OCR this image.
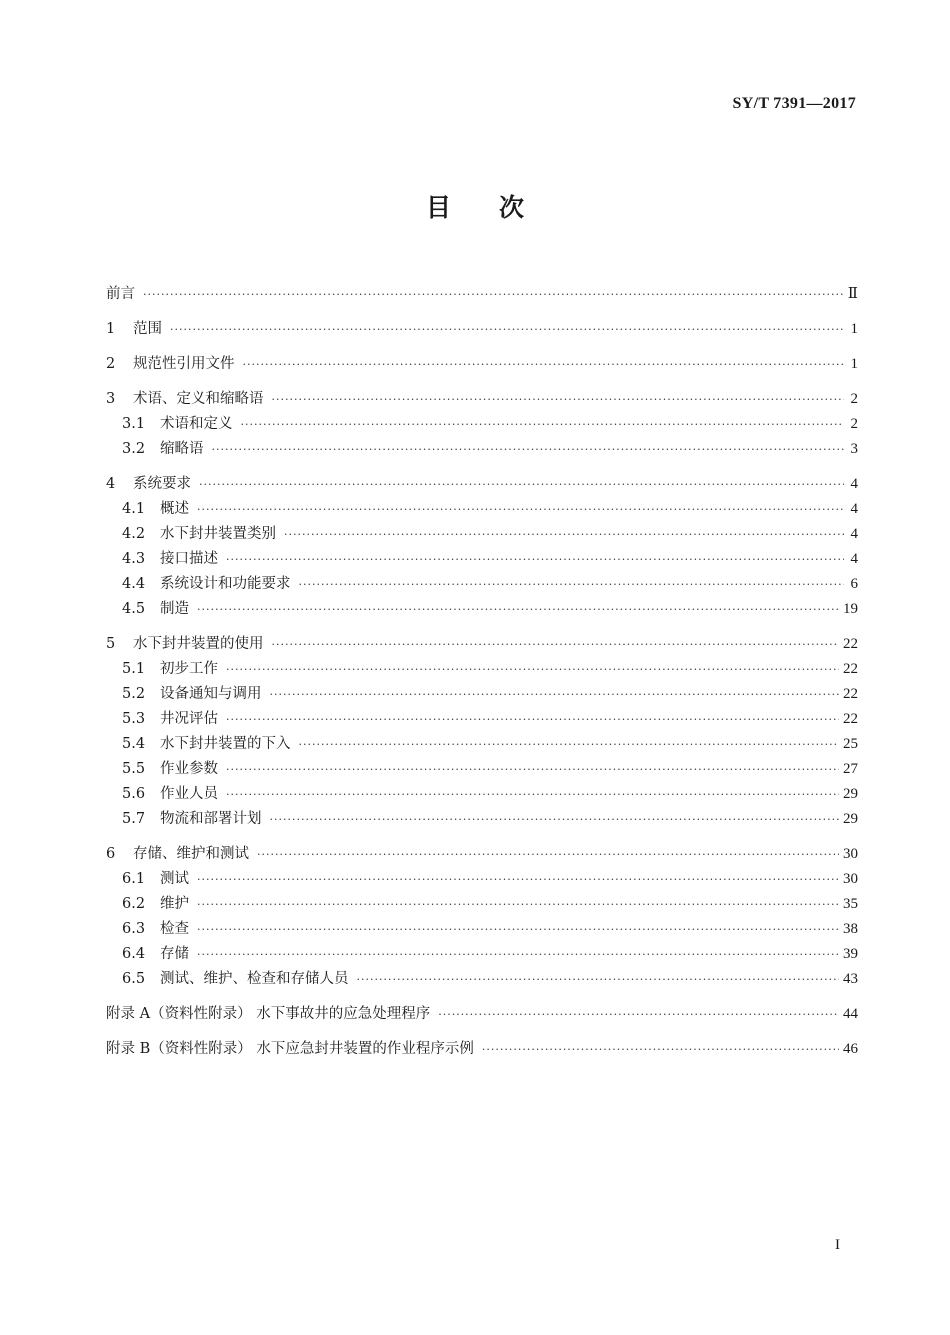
SY/T 7391—2017
目 次
前言 ·····	Ⅱ
1	范围 ·····	1
2	规范性引用文件 ·····	1
3	术语、定义和缩略语 ·····	2
3.1	术语和定义 ·····	2
3.2	缩略语 ·····	3
4	系统要求 ·····	4
4.1	概述 ·····	4
4.2	水下封井装置类别 ·····	4
4.3	接口描述 ·····	4
4.4	系统设计和功能要求 ·····	6
4.5	制造 ·····	19
5	水下封井装置的使用 ·····	22
5.1	初步工作 ·····	22
5.2	设备通知与调用 ·····	22
5.3	井况评估 ·····	22
5.4	水下封井装置的下入 ·····	25
5.5	作业参数 ·····	27
5.6	作业人员 ·····	29
5.7	物流和部署计划 ·····	29
6	存储、维护和测试 ·····	30
6.1	测试 ·····	30
6.2	维护 ·····	35
6.3	检查 ·····	38
6.4	存储 ·····	39
6.5	测试、维护、检查和存储人员 ·····	43
附录 A（资料性附录） 水下事故井的应急处理程序 ·····	44
附录 B（资料性附录） 水下应急封井装置的作业程序示例 ·····	46
I
